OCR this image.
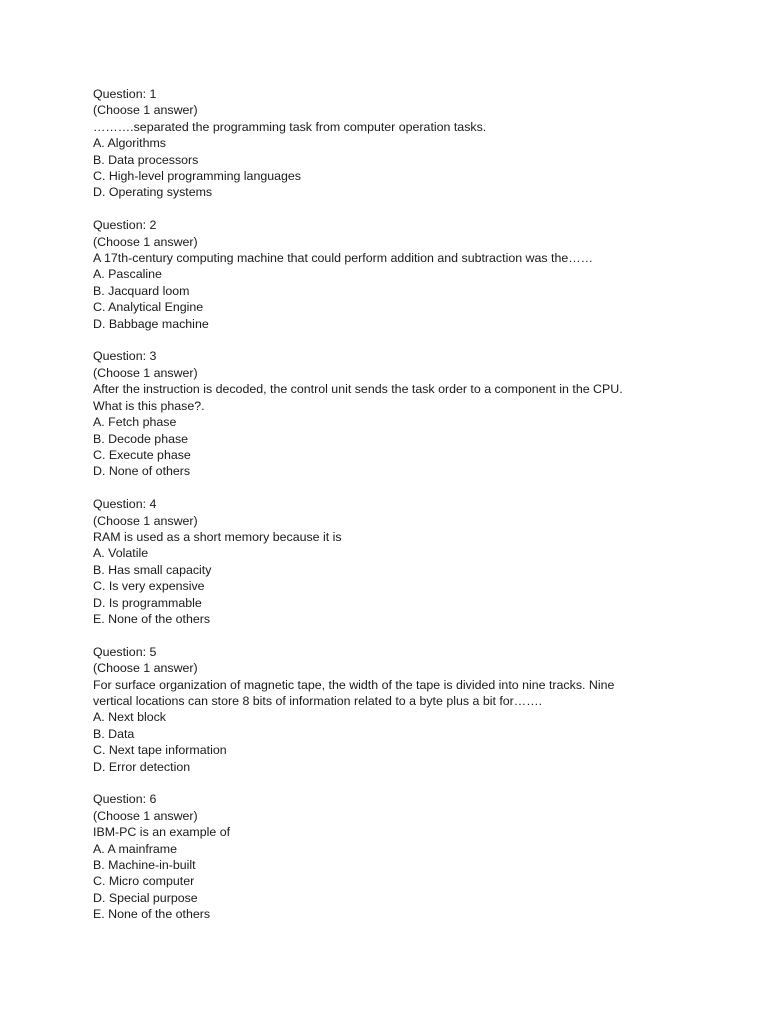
Question: 1

(Choose 1 answer)

……….separated the programming task from computer operation tasks.

A. Algorithms

B. Data processors

C. High-level programming languages

D. Operating systems

Question: 2

(Choose 1 answer)

A 17th-century computing machine that could perform addition and subtraction was the……

A. Pascaline

B. Jacquard loom

C. Analytical Engine

D. Babbage machine

Question: 3

(Choose 1 answer)

After the instruction is decoded, the control unit sends the task order to a component in the CPU. What is this phase?.

A. Fetch phase

B. Decode phase

C. Execute phase

D. None of others

Question: 4

(Choose 1 answer)

RAM is used as a short memory because it is

A. Volatile

B. Has small capacity

C. Is very expensive

D. Is programmable

E. None of the others

Question: 5

(Choose 1 answer)

For surface organization of magnetic tape, the width of the tape is divided into nine tracks. Nine vertical locations can store 8 bits of information related to a byte plus a bit for…….

A. Next block

B. Data

C. Next tape information

D. Error detection

Question: 6

(Choose 1 answer)

IBM-PC is an example of

A. A mainframe

B. Machine-in-built

C. Micro computer

D. Special purpose

E. None of the others
